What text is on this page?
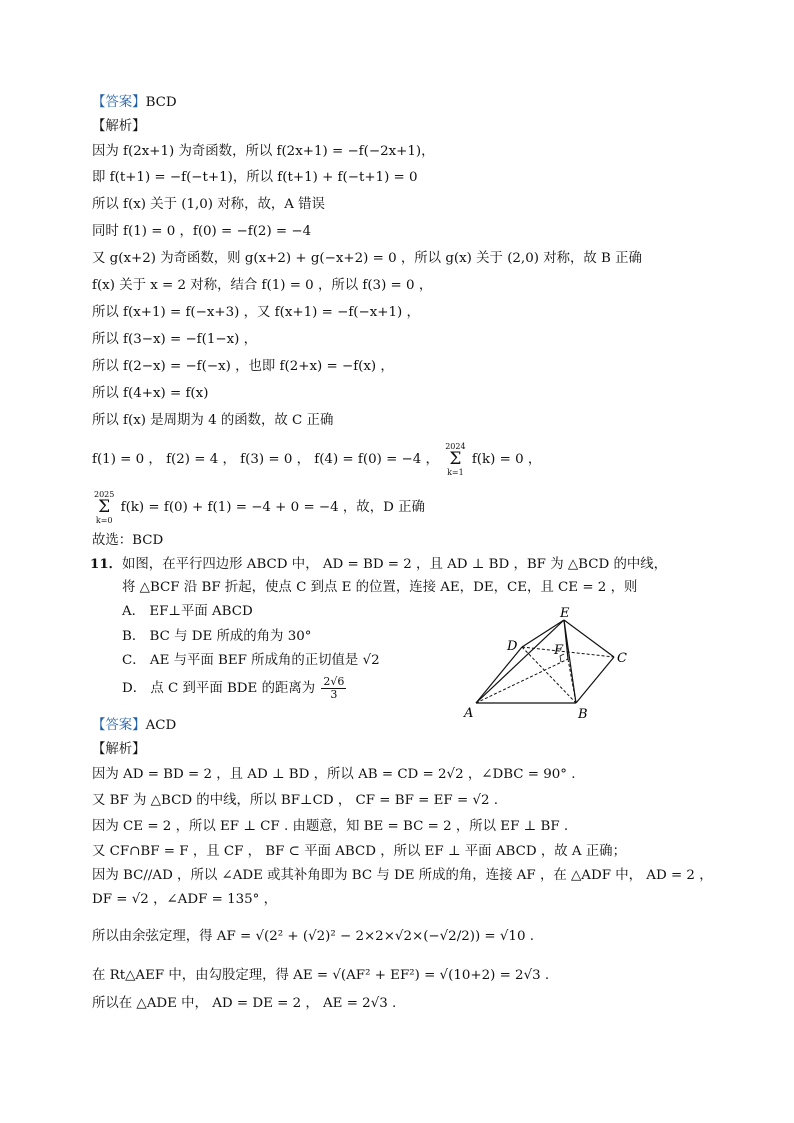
【答案】BCD
【解析】
因为 f(2x+1) 为奇函数，所以 f(2x+1) = −f(−2x+1)，
即 f(t+1) = −f(−t+1)，所以 f(t+1) + f(−t+1) = 0
所以 f(x) 关于 (1,0) 对称，故，A 错误
同时 f(1) = 0 ，f(0) = −f(2) = −4
又 g(x+2) 为奇函数，则 g(x+2) + g(−x+2) = 0 ，所以 g(x) 关于 (2,0) 对称，故 B 正确
f(x) 关于 x = 2 对称，结合 f(1) = 0 ，所以 f(3) = 0 ，
所以 f(x+1) = f(−x+3) ，又 f(x+1) = −f(−x+1) ，
所以 f(3−x) = −f(1−x) ，
所以 f(2−x) = −f(−x) ，也即 f(2+x) = −f(x) ，
所以 f(4+x) = f(x)
所以 f(x) 是周期为 4 的函数，故 C 正确
f(1) = 0 ， f(2) = 4 ， f(3) = 0 ， f(4) = f(0) = −4 ， 2024
Σ
k=1 f(k) = 0 ，
2025
Σ
k=0 f(k) = f(0) + f(1) = −4 + 0 = −4 ，故，D 正确
故选：BCD
11．如图，在平行四边形 ABCD 中， AD = BD = 2 ，且 AD ⊥ BD ，BF 为 △BCD 的中线，
将 △BCF 沿 BF 折起，使点 C 到点 E 的位置，连接 AE，DE，CE，且 CE = 2 ，则
A． EF⊥平面 ABCD
B． BC 与 DE 所成的角为 30°
C． AE 与平面 BEF 所成角的正切值是 √2
D． 点 C 到平面 BDE 的距离为 $\frac{2√6}{3}$
A	B
C
D
E
F
【答案】ACD
【解析】
因为 AD = BD = 2 ，且 AD ⊥ BD ，所以 AB = CD = 2√2 ，∠DBC = 90° .
又 BF 为 △BCD 的中线，所以 BF⊥CD ， CF = BF = EF = √2 .
因为 CE = 2 ，所以 EF ⊥ CF . 由题意，知 BE = BC = 2 ，所以 EF ⊥ BF .
又 CF∩BF = F ，且 CF ， BF ⊂ 平面 ABCD ，所以 EF ⊥ 平面 ABCD ，故 A 正确；
因为 BC//AD ，所以 ∠ADE 或其补角即为 BC 与 DE 所成的角，连接 AF ，在 △ADF 中， AD = 2 ，
DF = √2 ，∠ADF = 135° ，
所以由余弦定理，得 AF = √(2² + (√2)² − 2×2×√2×(−√2/2)) = √10 .
在 Rt△AEF 中，由勾股定理，得 AE = √(AF² + EF²) = √(10+2) = 2√3 .
所以在 △ADE 中， AD = DE = 2 ， AE = 2√3 .
